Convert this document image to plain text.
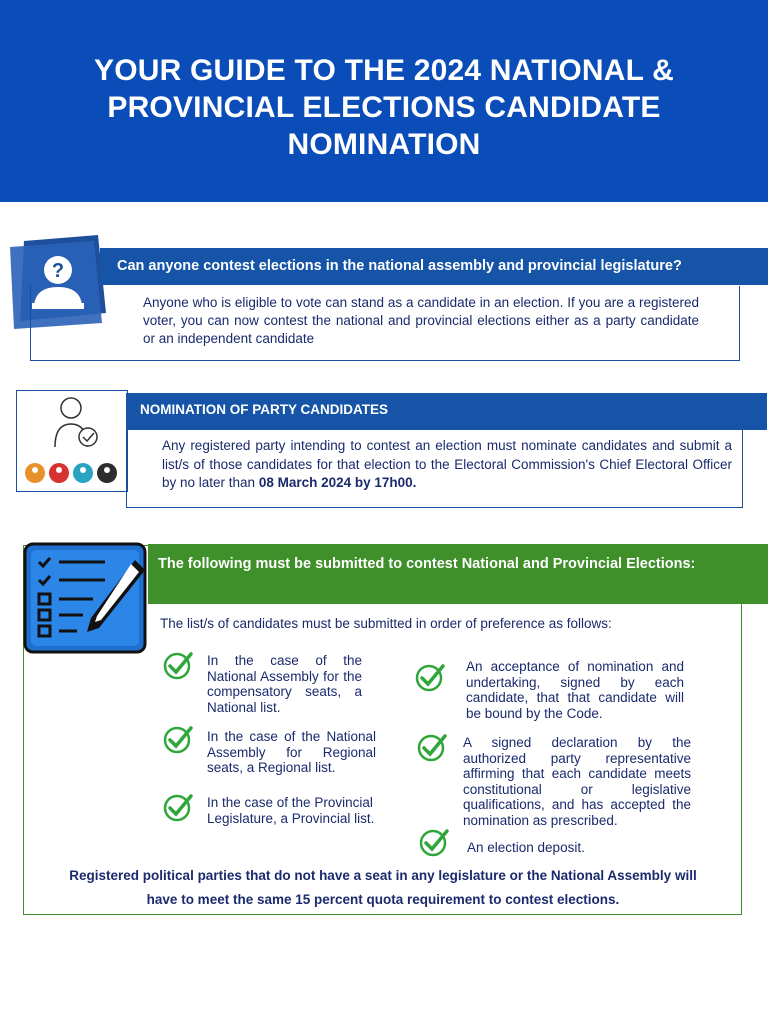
YOUR GUIDE TO THE 2024 NATIONAL & PROVINCIAL ELECTIONS CANDIDATE NOMINATION
?	Can anyone contest elections in the national assembly and provincial legislature?

Anyone who is eligible to vote can stand as a candidate in an election. If you are a registered voter, you can now contest the national and provincial elections either as a party candidate or an independent candidate

NOMINATION OF PARTY CANDIDATES

Any registered party intending to contest an election must nominate candidates and submit a list/s of those candidates for that election to the Electoral Commission's Chief Electoral Officer by no later than 08 March 2024 by 17h00.

The following must be submitted to contest National and Provincial Elections:
The list/s of candidates must be submitted in order of preference as follows:
In the case of the National Assembly for the compensatory seats, a National list.
In the case of the National Assembly for Regional seats, a Regional list.
In the case of the Provincial Legislature, a Provincial list.
An acceptance of nomination and undertaking, signed by each candidate, that that candidate will be bound by the Code.
A signed declaration by the authorized party representative affirming that each candidate meets constitutional or legislative qualifications, and has accepted the nomination as prescribed.
An election deposit.
Registered political parties that do not have a seat in any legislature or the National Assembly will
have to meet the same 15 percent quota requirement to contest elections.
